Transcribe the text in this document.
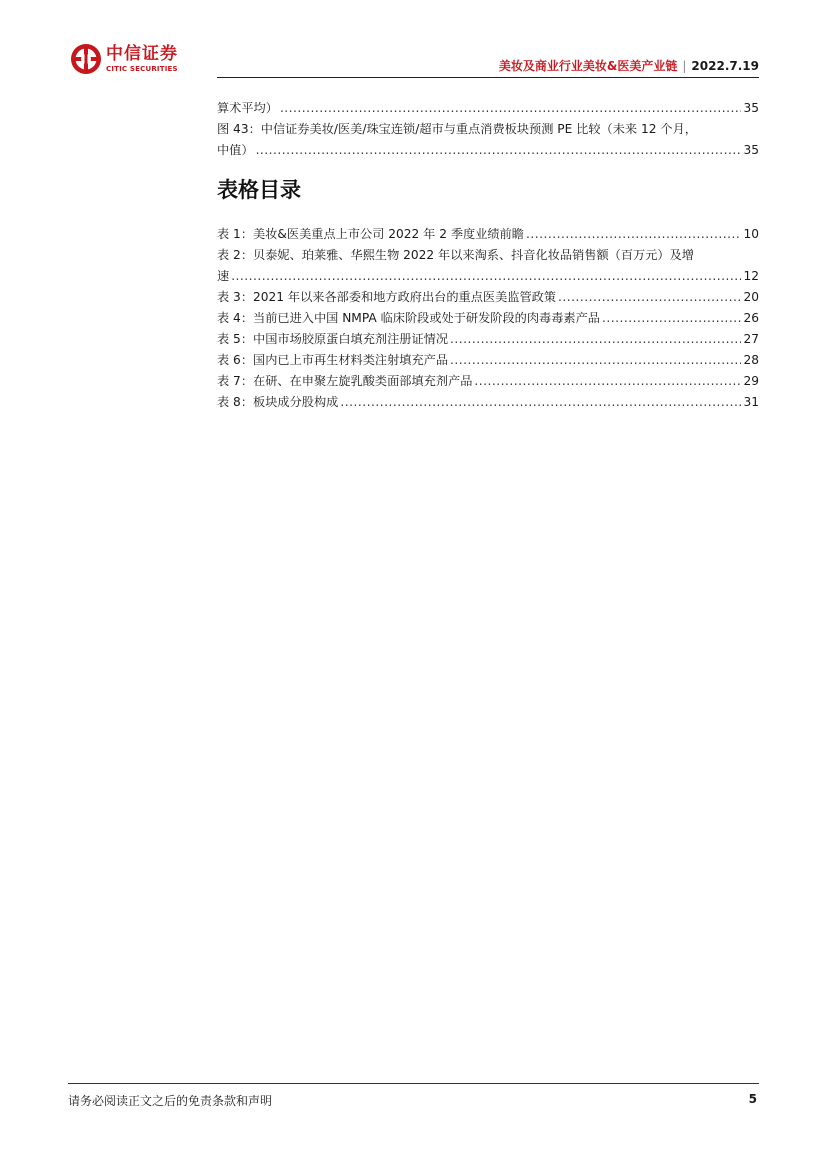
中信证券
CITIC SECURITIES	美妆及商业行业美妆&医美产业链 | 2022.7.19
算术平均） .....	35
图 43：中信证券美妆/医美/珠宝连锁/超市与重点消费板块预测 PE 比较（未来 12 个月，
中值） .....	35
表格目录
表 1：美妆&医美重点上市公司 2022 年 2 季度业绩前瞻 .....	10
表 2：贝泰妮、珀莱雅、华熙生物 2022 年以来淘系、抖音化妆品销售额（百万元）及增
速 .....	12
表 3：2021 年以来各部委和地方政府出台的重点医美监管政策 .....	20
表 4：当前已进入中国 NMPA 临床阶段或处于研发阶段的肉毒毒素产品 .....	26
表 5：中国市场胶原蛋白填充剂注册证情况 .....	27
表 6：国内已上市再生材料类注射填充产品 .....	28
表 7：在研、在申聚左旋乳酸类面部填充剂产品 .....	29
表 8：板块成分股构成 .....	31
请务必阅读正文之后的免责条款和声明	5
